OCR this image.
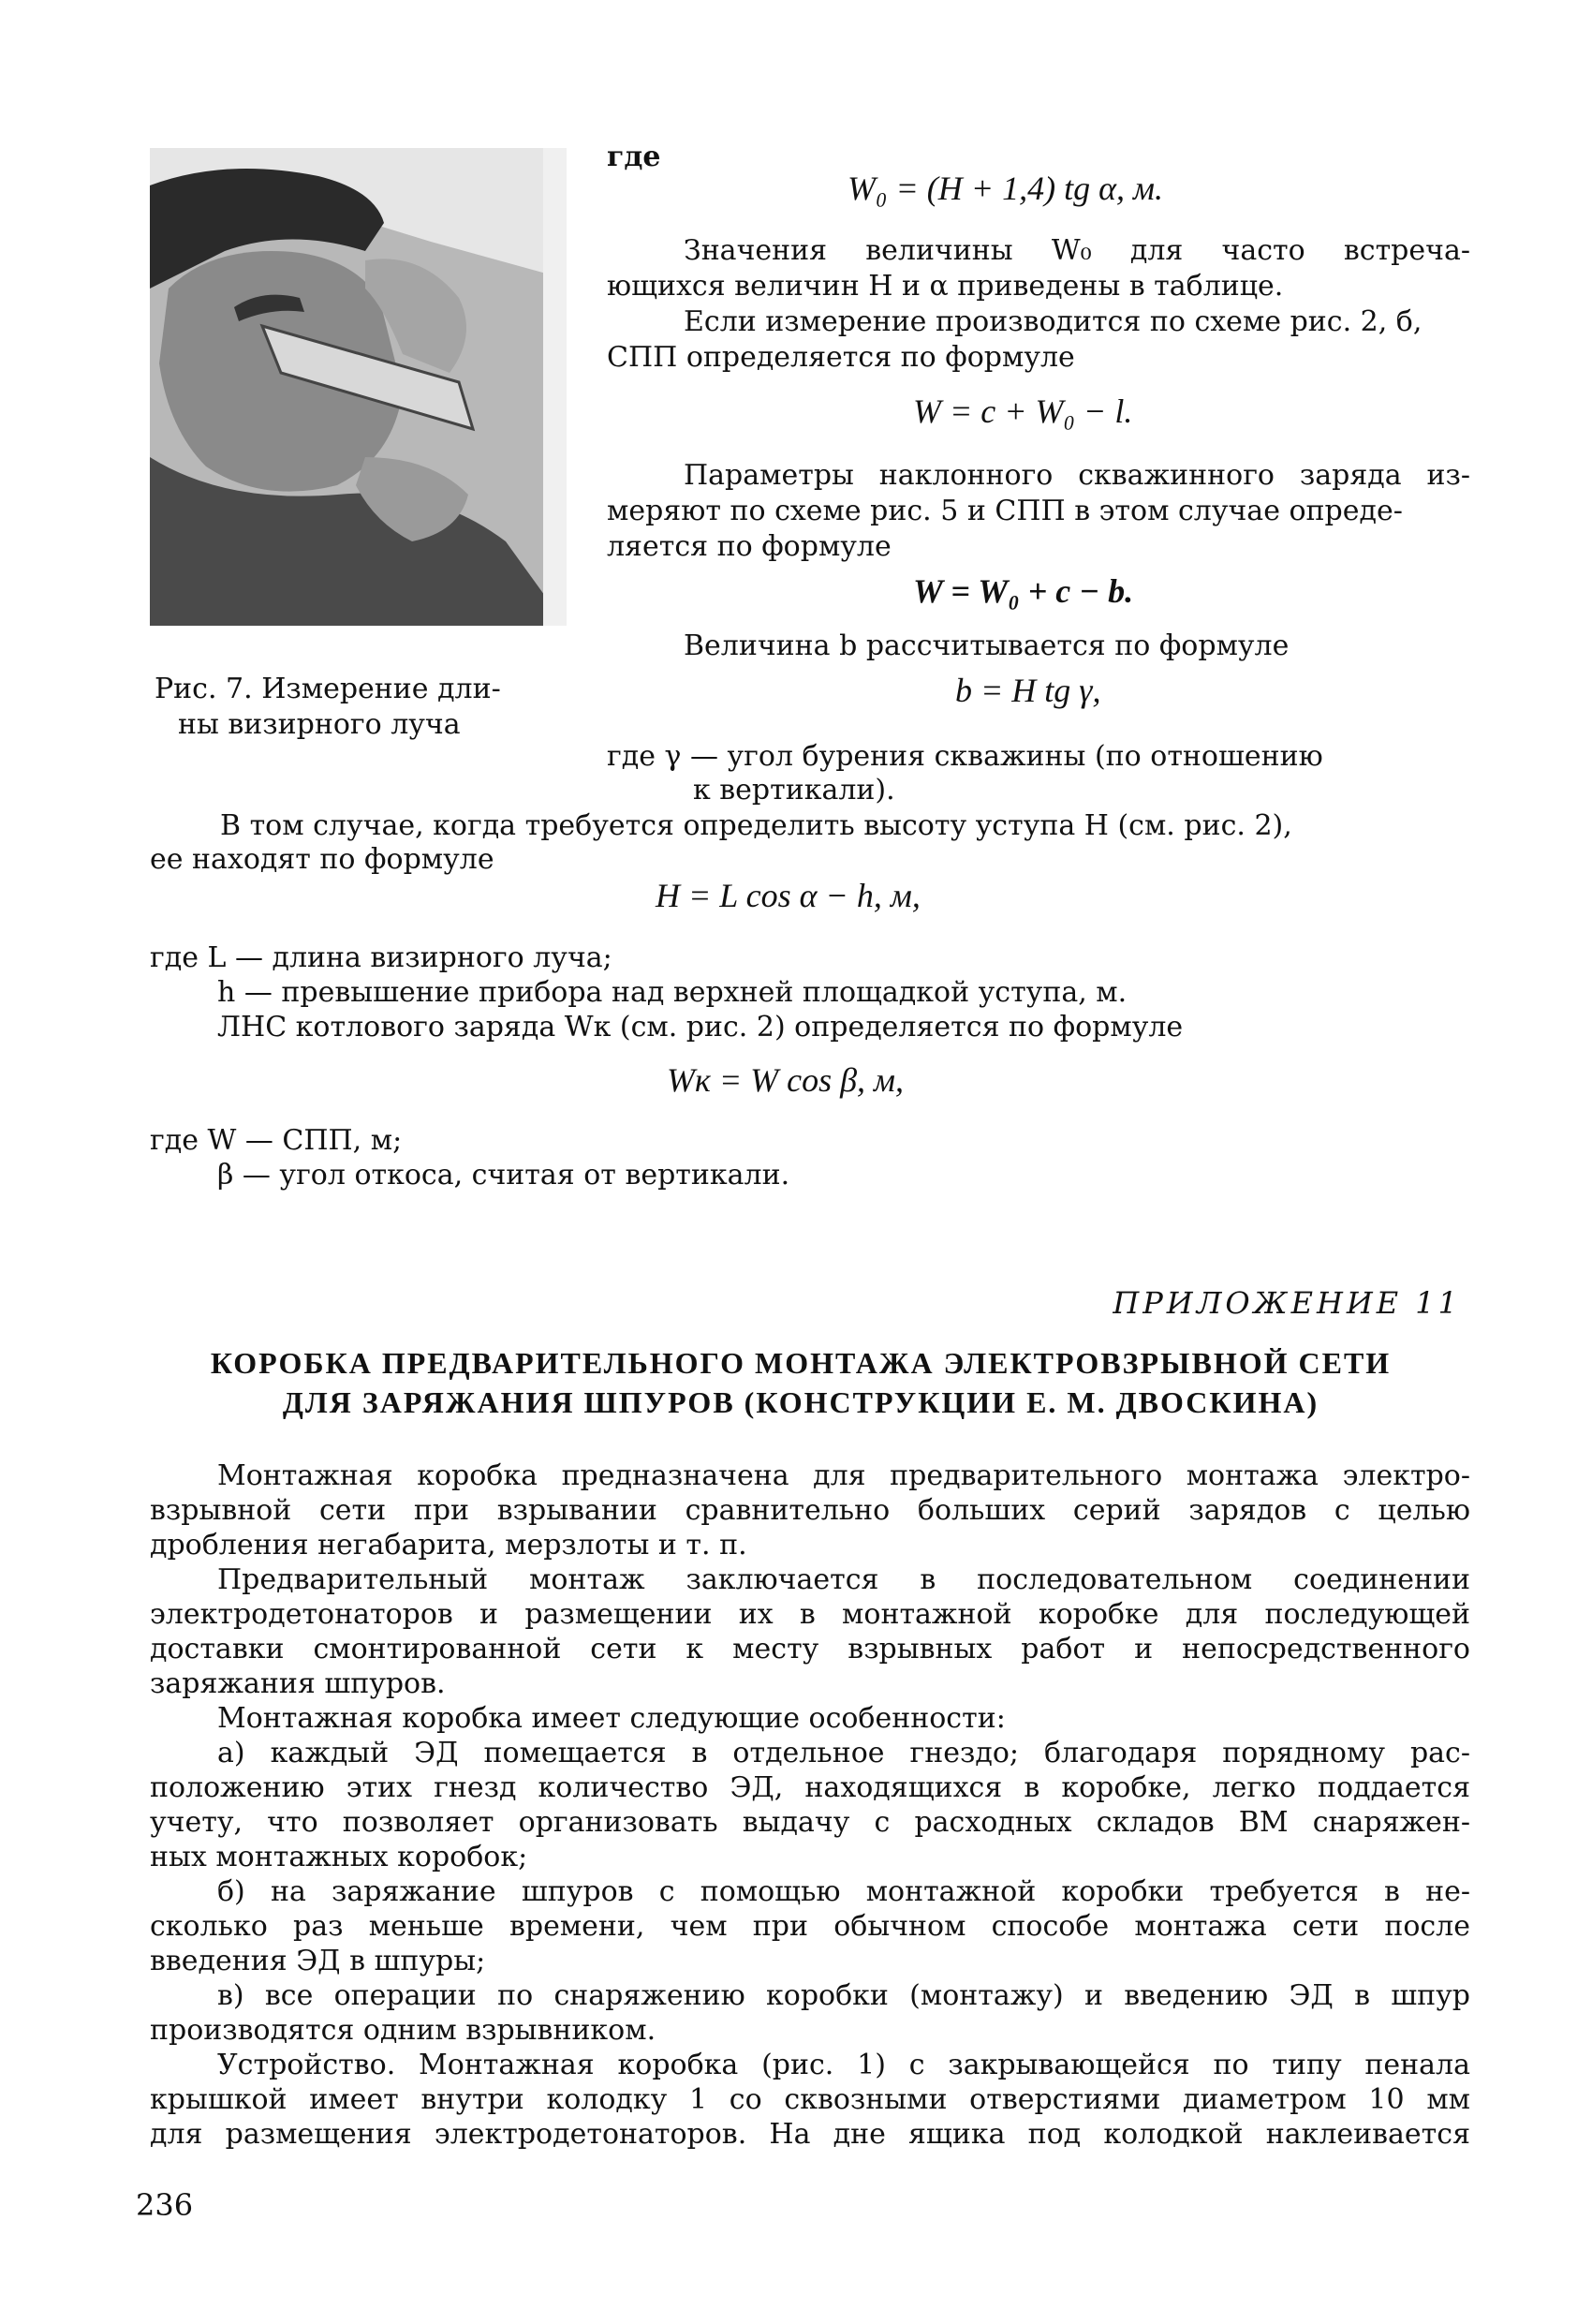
Рис. 7. Измерение дли-
ны визирного луча
где
W₀ = (H + 1,4) tg α, м.
Значения величины W₀ для часто встреча-
ющихся величин H и α приведены в таблице.
Если измерение производится по схеме рис. 2, б,
СПП определяется по формуле
W = c + W₀ − l.
Параметры наклонного скважинного заряда из-
меряют по схеме рис. 5 и СПП в этом случае опреде-
ляется по формуле
W = W₀ + c − b.
Величина b рассчитывается по формуле
b = H tg γ,
где γ — угол бурения скважины (по отношению
к вертикали).
В том случае, когда требуется определить высоту уступа H (см. рис. 2),
ее находят по формуле
H = L cos α − h, м,
где L — длина визирного луча;
h — превышение прибора над верхней площадкой уступа, м.
ЛНС котлового заряда Wк (см. рис. 2) определяется по формуле
Wк = W cos β, м,
где W — СПП, м;
β — угол откоса, считая от вертикали.
ПРИЛОЖЕНИЕ 11
КОРОБКА ПРЕДВАРИТЕЛЬНОГО МОНТАЖА ЭЛЕКТРОВЗРЫВНОЙ СЕТИ
ДЛЯ ЗАРЯЖАНИЯ ШПУРОВ (КОНСТРУКЦИИ Е. М. ДВОСКИНА)
Монтажная коробка предназначена для предварительного монтажа электро-
взрывной сети при взрывании сравнительно больших серий зарядов с целью
дробления негабарита, мерзлоты и т. п.
Предварительный монтаж заключается в последовательном соединении
электродетонаторов и размещении их в монтажной коробке для последующей
доставки смонтированной сети к месту взрывных работ и непосредственного
заряжания шпуров.
Монтажная коробка имеет следующие особенности:
а) каждый ЭД помещается в отдельное гнездо; благодаря порядному рас-
положению этих гнезд количество ЭД, находящихся в коробке, легко поддается
учету, что позволяет организовать выдачу с расходных складов ВМ снаряжен-
ных монтажных коробок;
б) на заряжание шпуров с помощью монтажной коробки требуется в не-
сколько раз меньше времени, чем при обычном способе монтажа сети после
введения ЭД в шпуры;
в) все операции по снаряжению коробки (монтажу) и введению ЭД в шпур
производятся одним взрывником.
Устройство. Монтажная коробка (рис. 1) с закрывающейся по типу пенала
крышкой имеет внутри колодку 1 со сквозными отверстиями диаметром 10 мм
для размещения электродетонаторов. На дне ящика под колодкой наклеивается
236
